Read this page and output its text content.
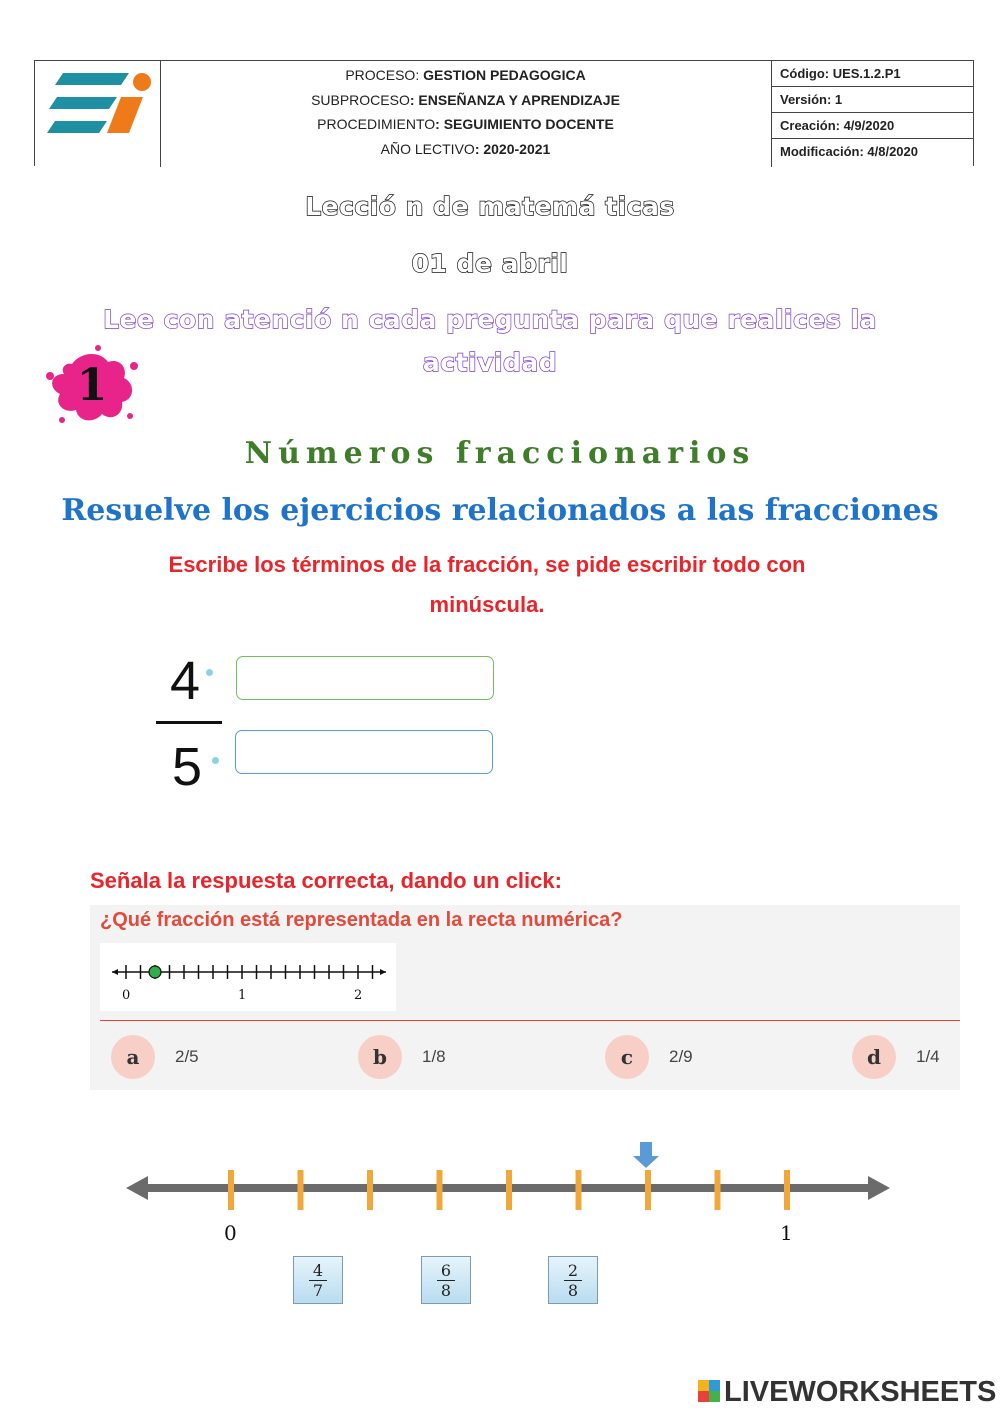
PROCESO: GESTION PEDAGOGICA
SUBPROCESO: ENSEÑANZA Y APRENDIZAJE
PROCEDIMIENTO: SEGUIMIENTO DOCENTE
AÑO LECTIVO: 2020-2021
Código: UES.1.2.P1
Versión: 1
Creación: 4/9/2020
Modificación: 4/8/2020
Lecció n de matemá ticas
01 de abril
Lee con atenció n cada pregunta para que realices la
actividad
1
Números fraccionarios
Resuelve los ejercicios relacionados a las fracciones
Escribe los términos de la fracción, se pide escribir todo con
minúscula.
4
5
Señala la respuesta correcta, dando un click:
¿Qué fracción está representada en la recta numérica?
0	1	2
a	2/5	b	1/8	c	2/9	d	1/4
0	1
4
7
6
8
2
8
LIVEWORKSHEETS
